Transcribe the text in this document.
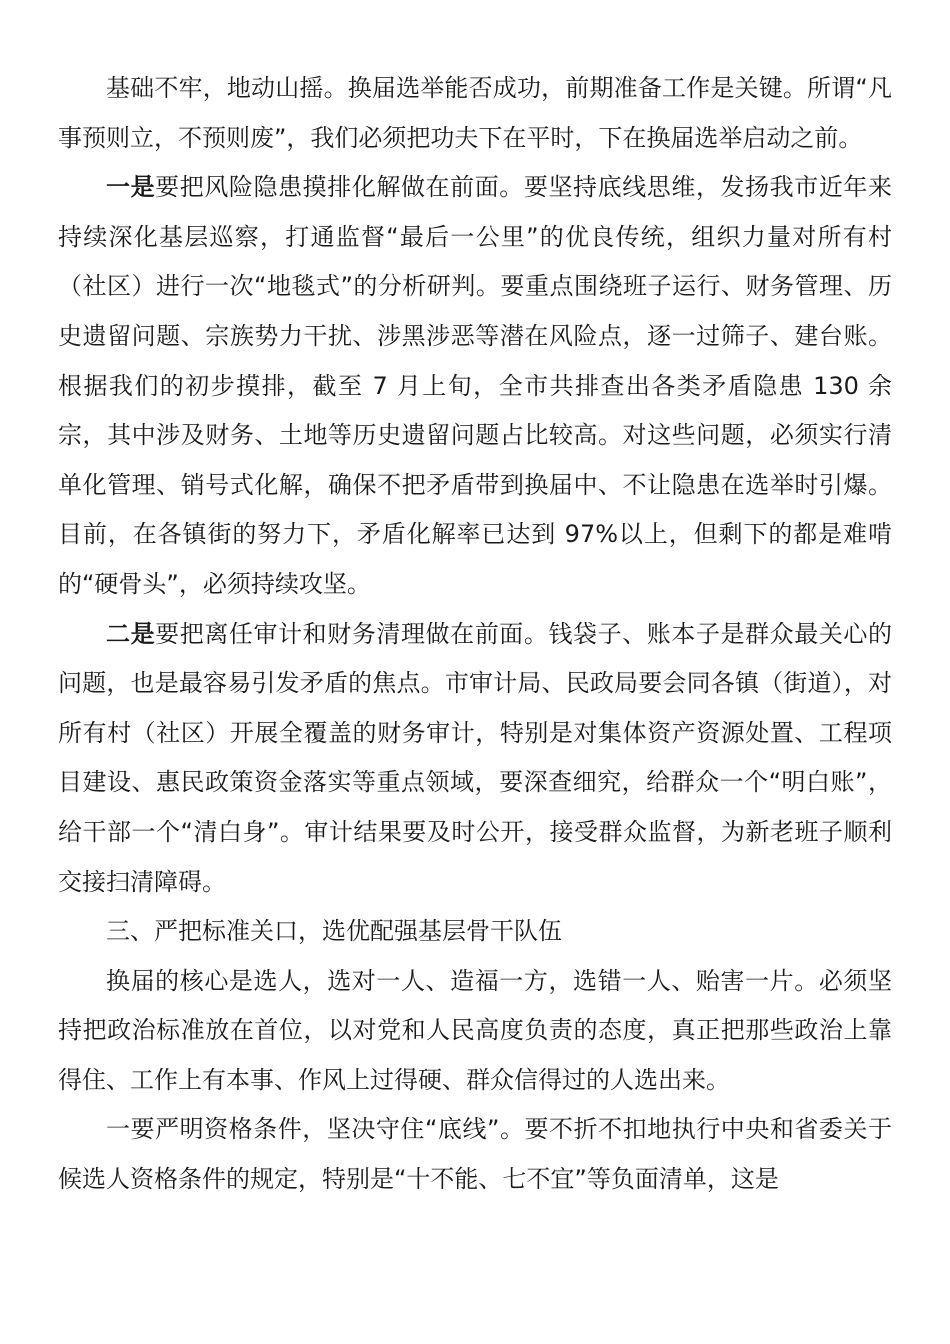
基础不牢，地动山摇。换届选举能否成功，前期准备工作是关键。所谓“凡事预则立，不预则废”，我们必须把功夫下在平时，下在换届选举启动之前。

一是要把风险隐患摸排化解做在前面。要坚持底线思维，发扬我市近年来持续深化基层巡察，打通监督“最后一公里”的优良传统，组织力量对所有村（社区）进行一次“地毯式”的分析研判。要重点围绕班子运行、财务管理、历史遗留问题、宗族势力干扰、涉黑涉恶等潜在风险点，逐一过筛子、建台账。根据我们的初步摸排，截至 7 月上旬，全市共排查出各类矛盾隐患 130 余宗，其中涉及财务、土地等历史遗留问题占比较高。对这些问题，必须实行清单化管理、销号式化解，确保不把矛盾带到换届中、不让隐患在选举时引爆。目前，在各镇街的努力下，矛盾化解率已达到 97%以上，但剩下的都是难啃的“硬骨头”，必须持续攻坚。

二是要把离任审计和财务清理做在前面。钱袋子、账本子是群众最关心的问题，也是最容易引发矛盾的焦点。市审计局、民政局要会同各镇（街道），对所有村（社区）开展全覆盖的财务审计，特别是对集体资产资源处置、工程项目建设、惠民政策资金落实等重点领域，要深查细究，给群众一个“明白账”，给干部一个“清白身”。审计结果要及时公开，接受群众监督，为新老班子顺利交接扫清障碍。

三、严把标准关口，选优配强基层骨干队伍

换届的核心是选人，选对一人、造福一方，选错一人、贻害一片。必须坚持把政治标准放在首位，以对党和人民高度负责的态度，真正把那些政治上靠得住、工作上有本事、作风上过得硬、群众信得过的人选出来。

一要严明资格条件，坚决守住“底线”。要不折不扣地执行中央和省委关于候选人资格条件的规定，特别是“十不能、七不宜”等负面清单，这是
